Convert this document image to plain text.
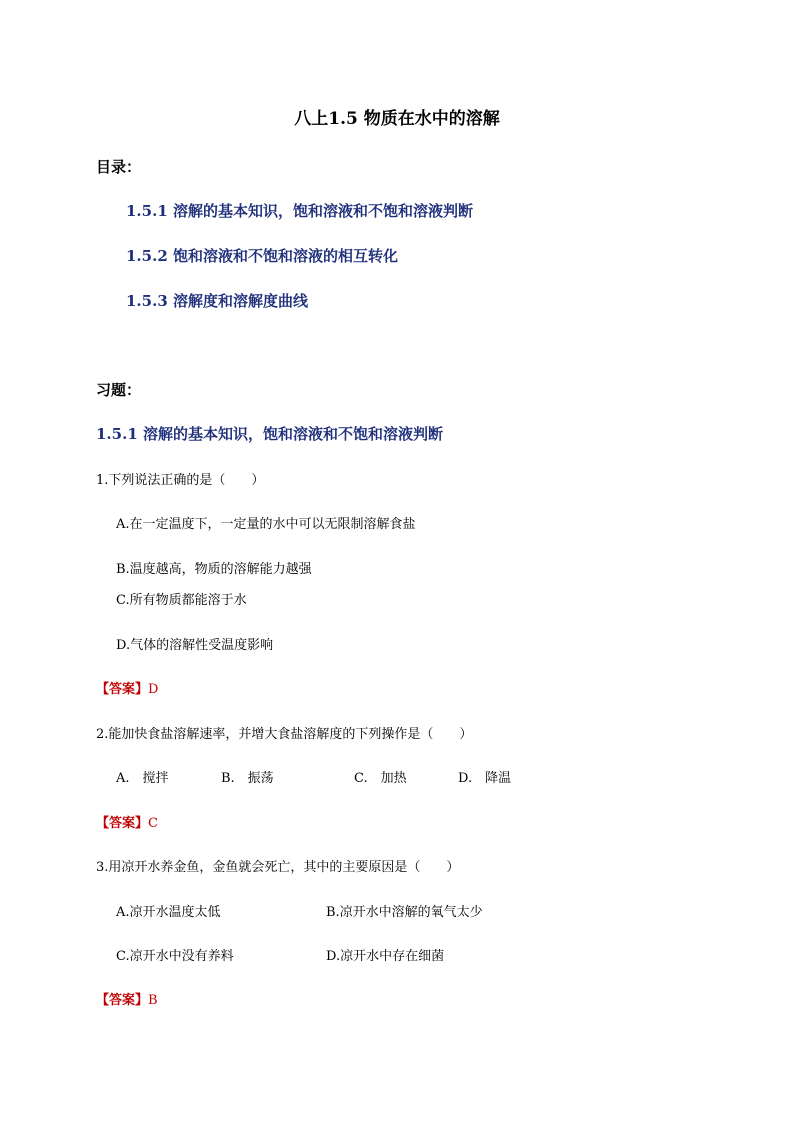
八上1.5 物质在水中的溶解
目录：
1.5.1 溶解的基本知识，饱和溶液和不饱和溶液判断
1.5.2 饱和溶液和不饱和溶液的相互转化
1.5.3 溶解度和溶解度曲线
习题：
1.5.1 溶解的基本知识，饱和溶液和不饱和溶液判断
1.下列说法正确的是（　　）
A.在一定温度下，一定量的水中可以无限制溶解食盐
B.温度越高，物质的溶解能力越强
C.所有物质都能溶于水
D.气体的溶解性受温度影响
【答案】D
2.能加快食盐溶解速率，并增大食盐溶解度的下列操作是（　　）
A.　搅拌	B.　振荡	C.　加热	D.　降温
【答案】C
3.用凉开水养金鱼，金鱼就会死亡，其中的主要原因是（　　）
A.凉开水温度太低	B.凉开水中溶解的氧气太少
C.凉开水中没有养料	D.凉开水中存在细菌
【答案】B
